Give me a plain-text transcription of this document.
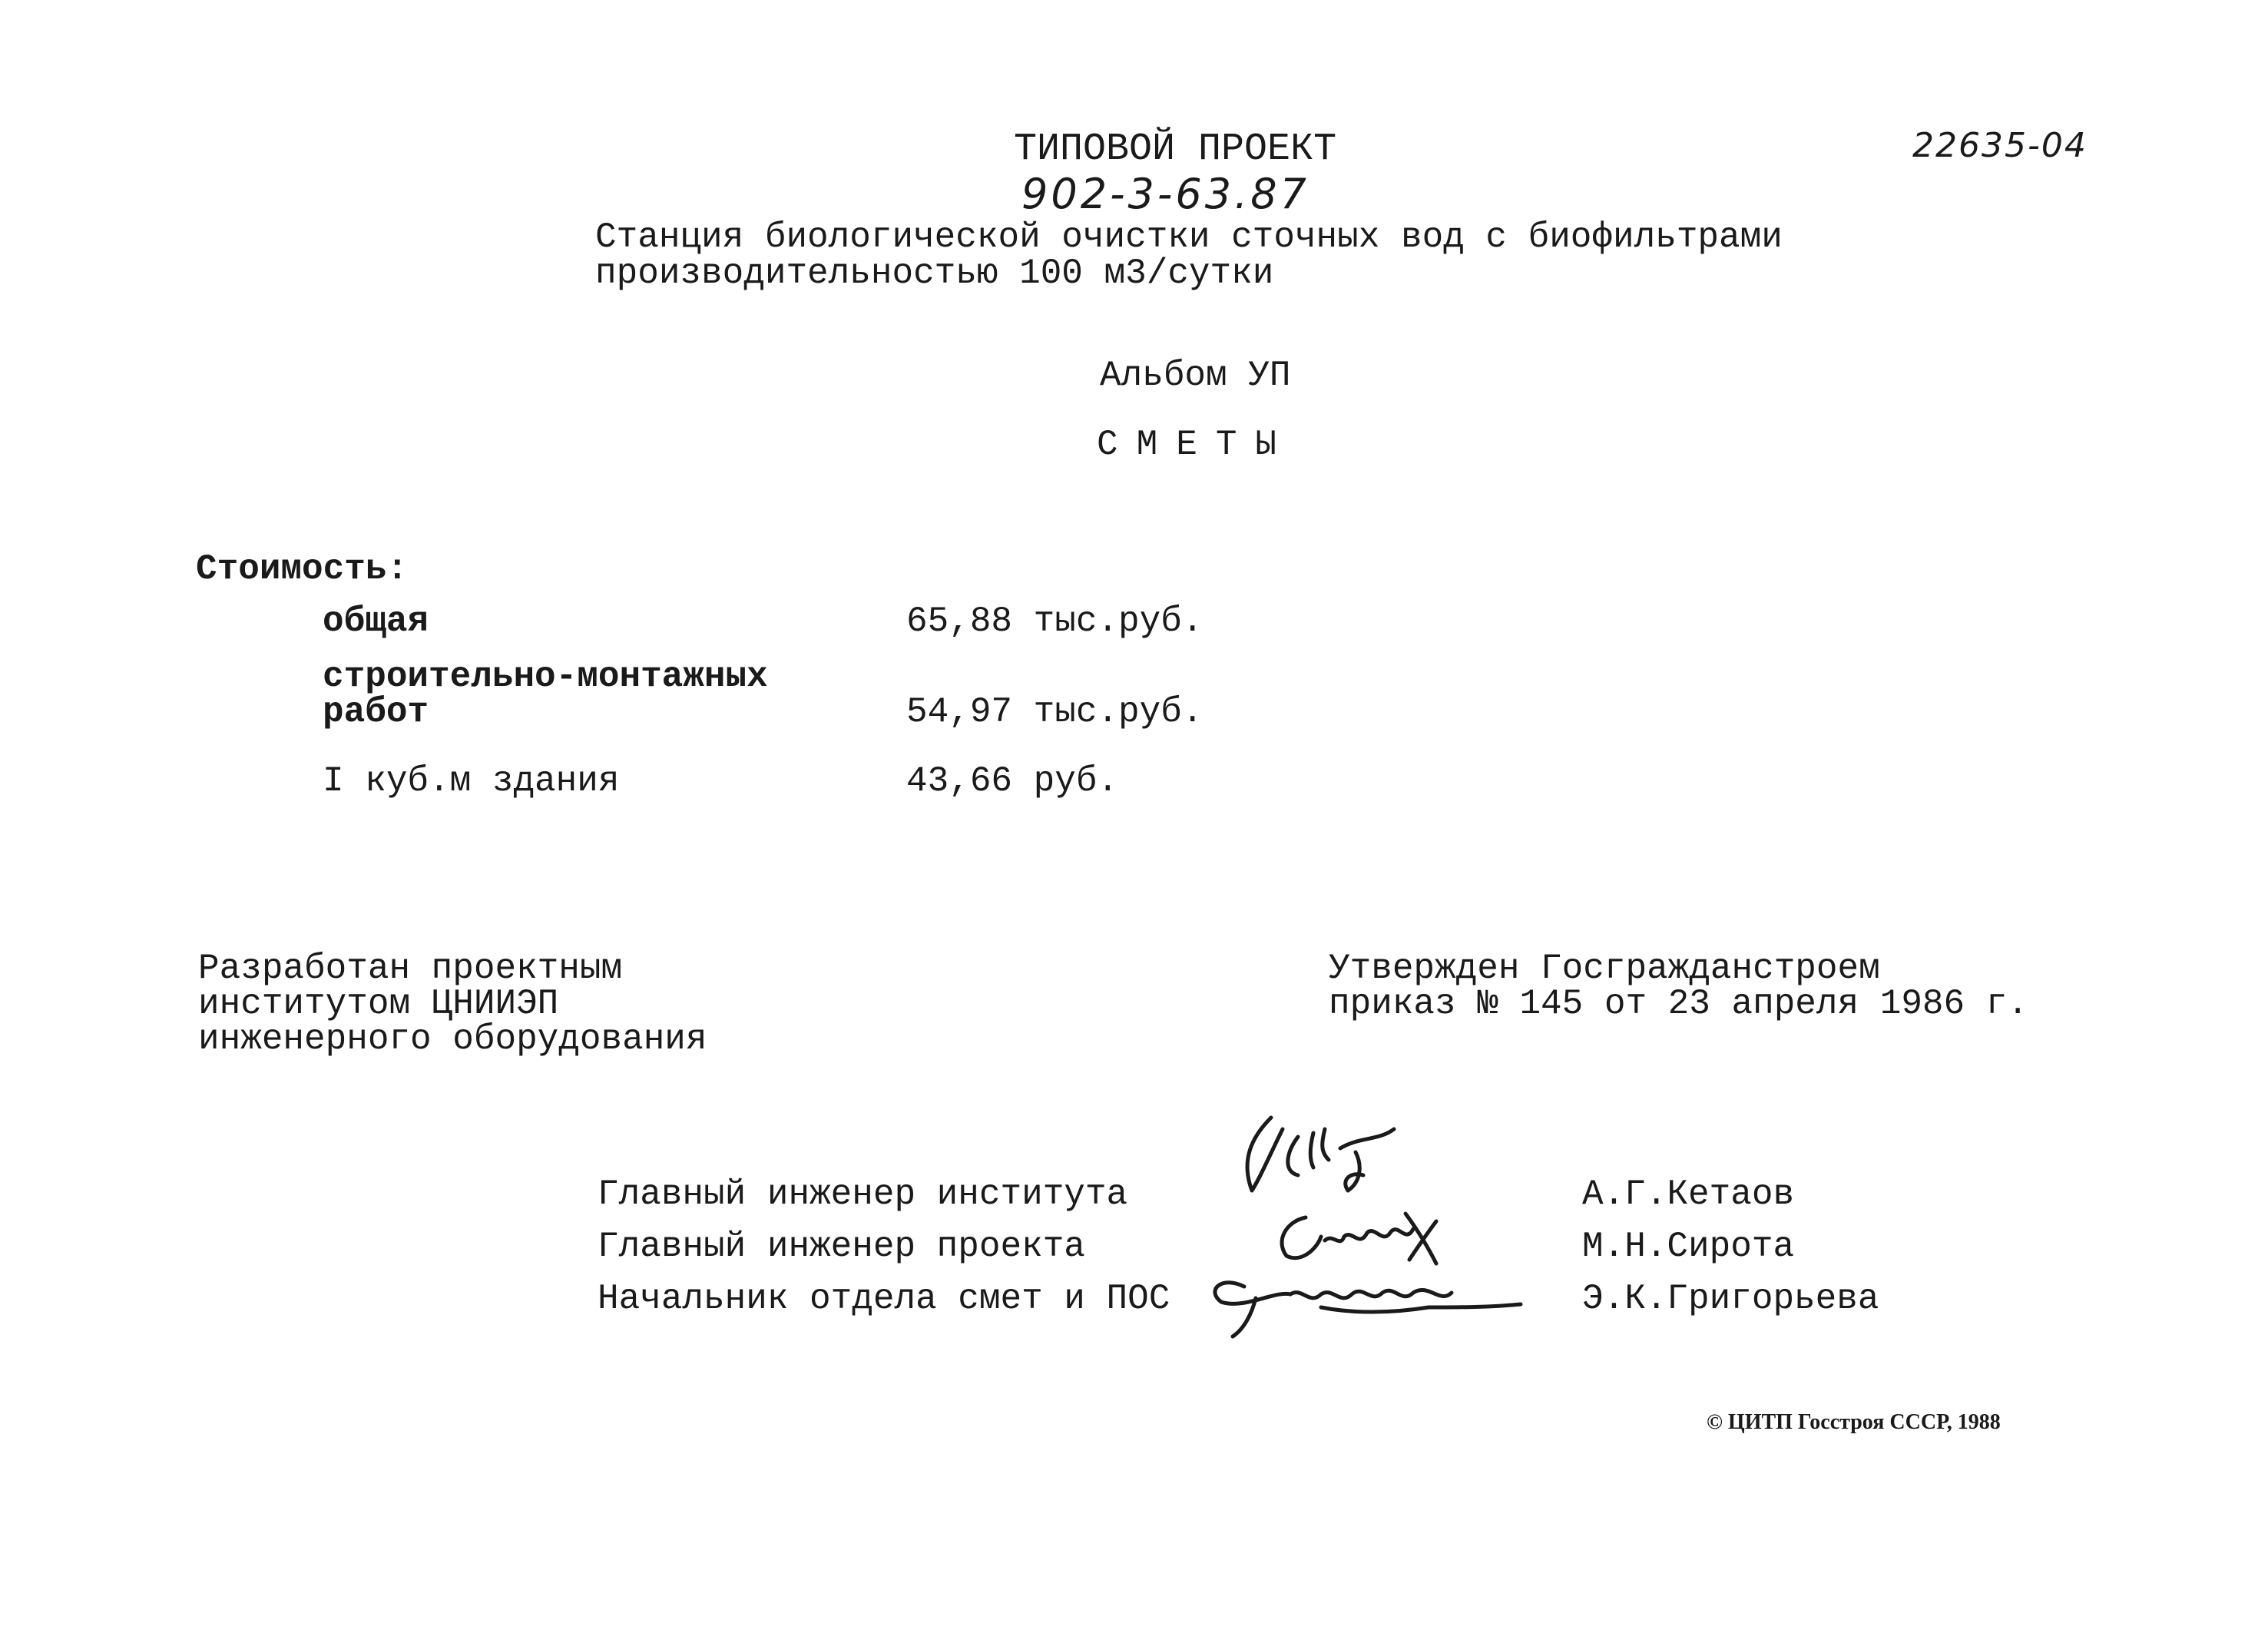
22635-04
ТИПОВОЙ ПРОЕКТ
902-3-63.87
Станция биологической очистки сточных вод с биофильтрами
производительностью 100 м3/сутки
Альбом УП
СМЕТЫ
Стоимость:
общая	65,88 тыс.руб.
строительно-монтажных
работ	54,97 тыс.руб.
I куб.м здания	43,66 руб.
Разработан проектным
институтом ЦНИИЭП
инженерного оборудования
Утвержден Госгражданстроем
приказ № 145 от 23 апреля 1986 г.
Главный инженер института	А.Г.Кетаов
Главный инженер проекта	М.Н.Сирота
Начальник отдела смет и ПОС	Э.К.Григорьева
© ЦИТП Госстроя СССР, 1988
